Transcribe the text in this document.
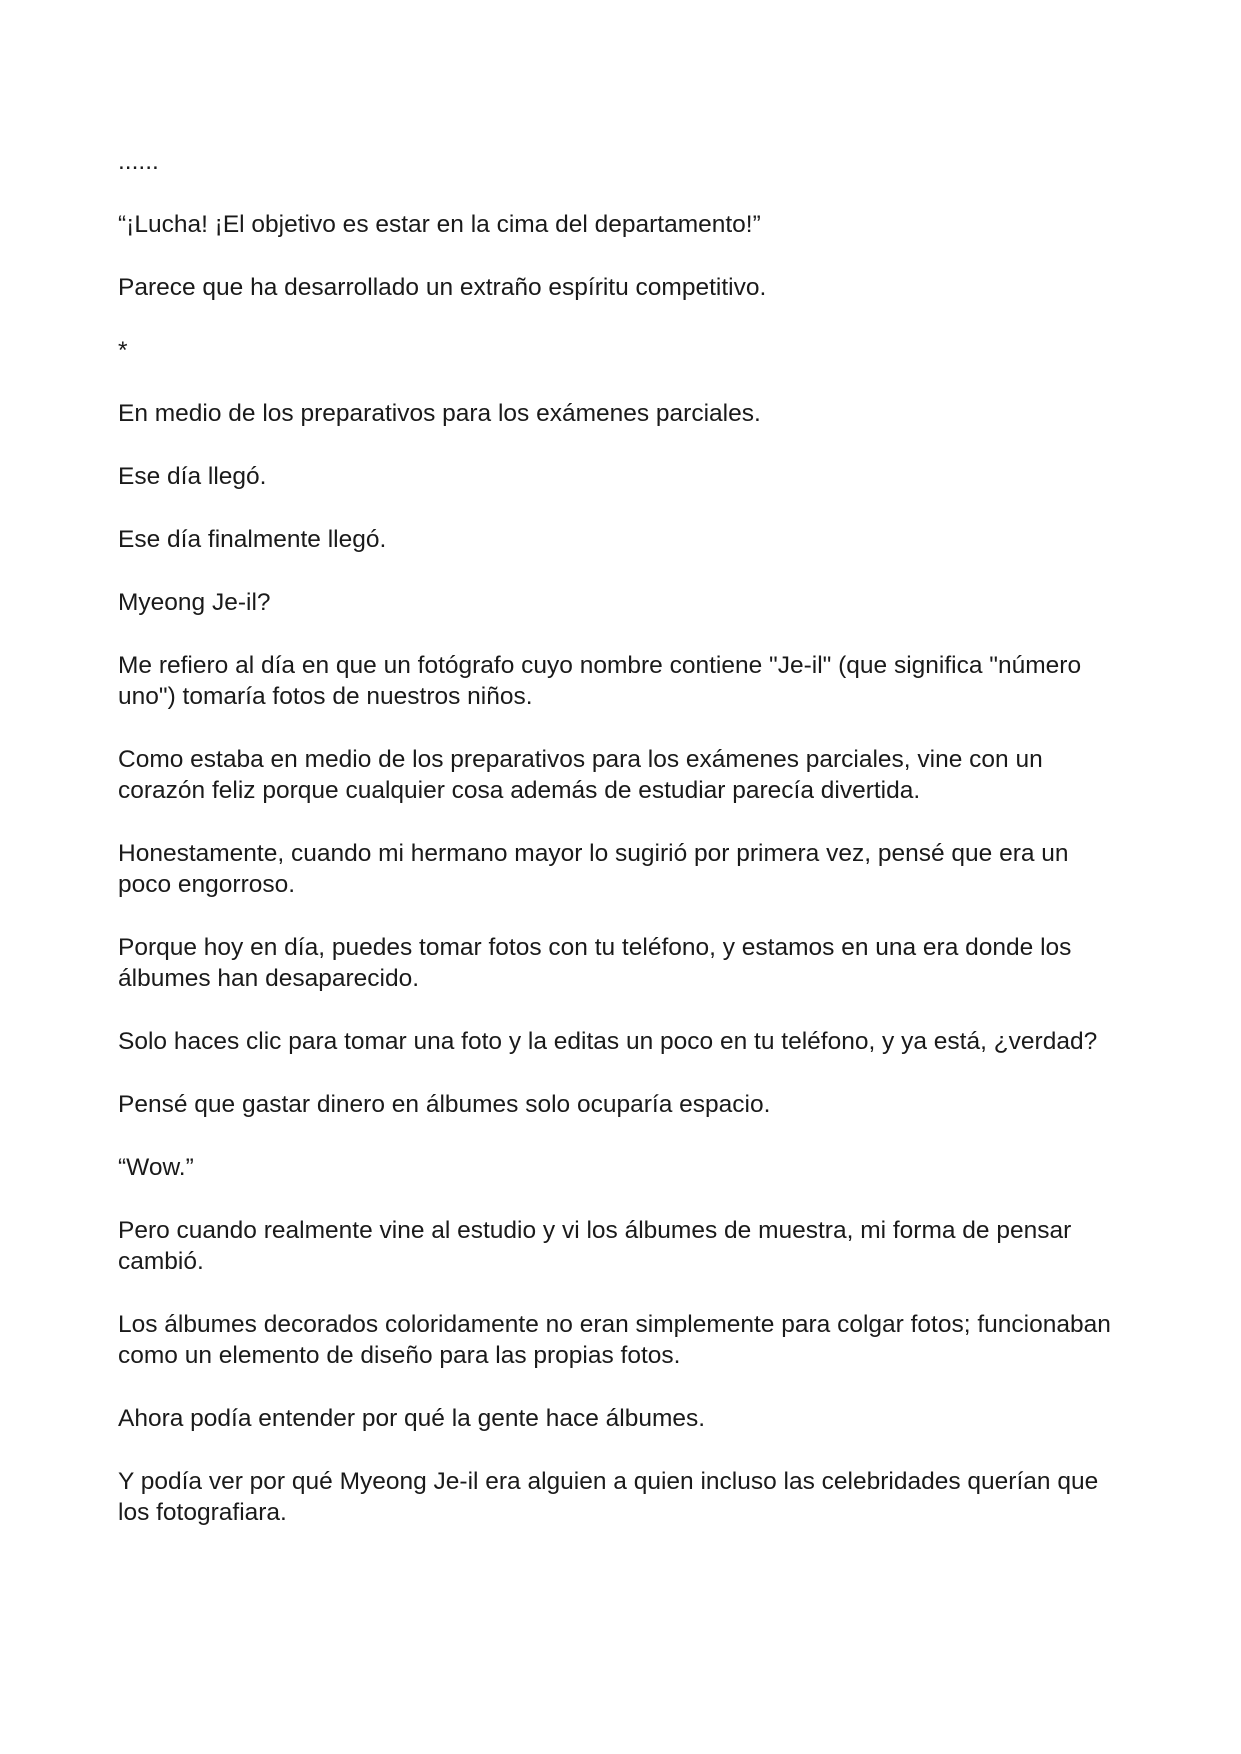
......

“¡Lucha! ¡El objetivo es estar en la cima del departamento!”

Parece que ha desarrollado un extraño espíritu competitivo.

*

En medio de los preparativos para los exámenes parciales.

Ese día llegó.

Ese día finalmente llegó.

Myeong Je-il?

Me refiero al día en que un fotógrafo cuyo nombre contiene "Je-il" (que significa "número uno") tomaría fotos de nuestros niños.

Como estaba en medio de los preparativos para los exámenes parciales, vine con un corazón feliz porque cualquier cosa además de estudiar parecía divertida.

Honestamente, cuando mi hermano mayor lo sugirió por primera vez, pensé que era un poco engorroso.

Porque hoy en día, puedes tomar fotos con tu teléfono, y estamos en una era donde los álbumes han desaparecido.

Solo haces clic para tomar una foto y la editas un poco en tu teléfono, y ya está, ¿verdad?

Pensé que gastar dinero en álbumes solo ocuparía espacio.

“Wow.”

Pero cuando realmente vine al estudio y vi los álbumes de muestra, mi forma de pensar cambió.

Los álbumes decorados coloridamente no eran simplemente para colgar fotos; funcionaban como un elemento de diseño para las propias fotos.

Ahora podía entender por qué la gente hace álbumes.

Y podía ver por qué Myeong Je-il era alguien a quien incluso las celebridades querían que los fotografiara.
